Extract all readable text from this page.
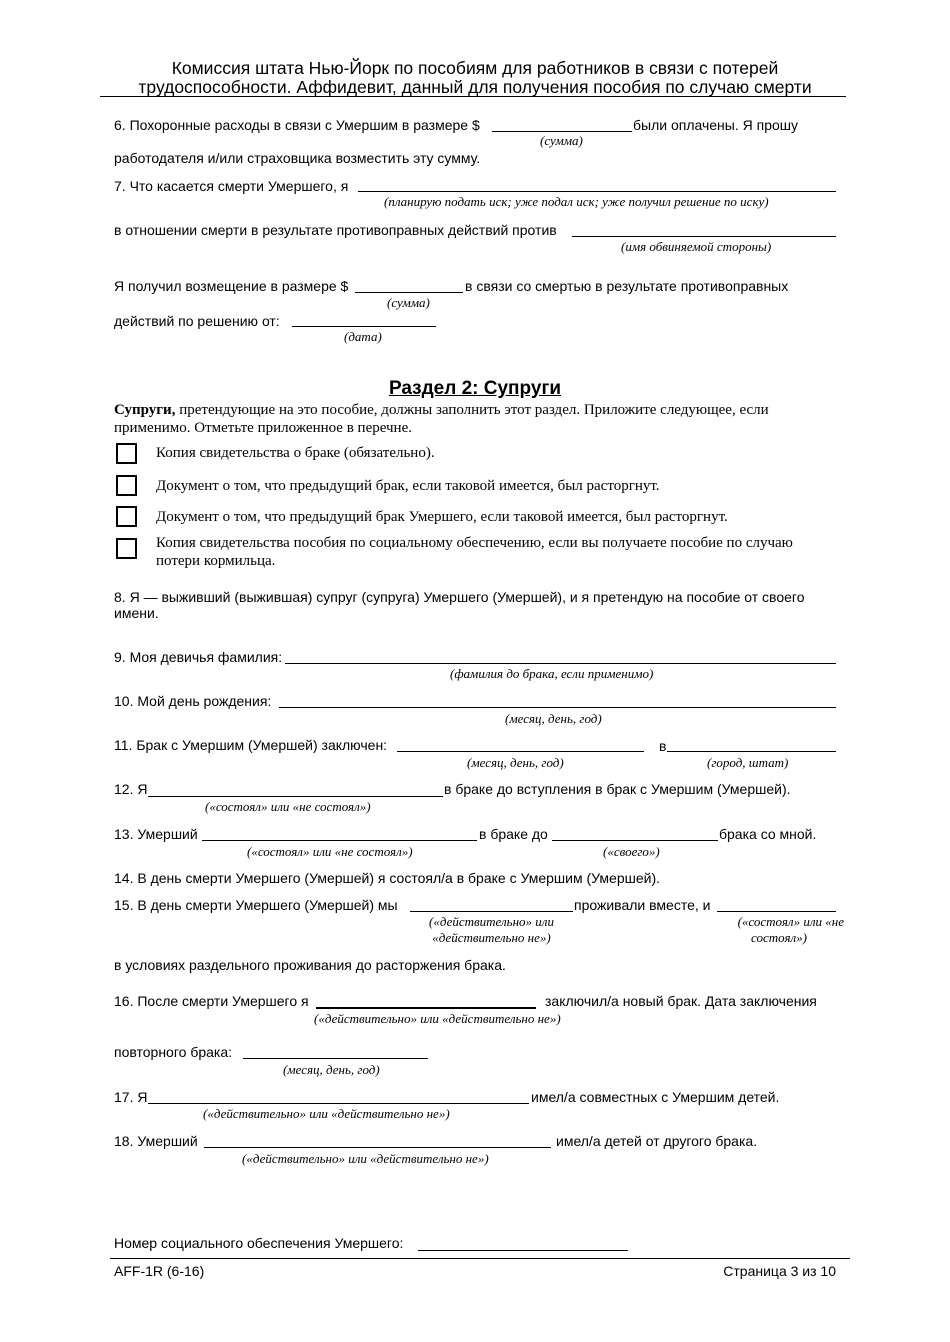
Комиссия штата Нью-Йорк по пособиям для работников в связи с потерей
трудоспособности. Аффидевит, данный для получения пособия по случаю смерти
6. Похоронные расходы в связи с Умершим в размере $	были оплачены. Я прошу
(сумма)
работодателя и/или страховщика возместить эту сумму.
7. Что касается смерти Умершего, я
(планирую подать иск; уже подал иск; уже получил решение по иску)
в отношении смерти в результате противоправных действий против
(имя обвиняемой стороны)
Я получил возмещение в размере $	в связи со смертью в результате противоправных
(сумма)
действий по решению от:
(дата)
Раздел 2: Супруги
Супруги, претендующие на это пособие, должны заполнить этот раздел. Приложите следующее, если
применимо. Отметьте приложенное в перечне.
Копия свидетельства о браке (обязательно).
Документ о том, что предыдущий брак, если таковой имеется, был расторгнут.
Документ о том, что предыдущий брак Умершего, если таковой имеется, был расторгнут.
Копия свидетельства пособия по социальному обеспечению, если вы получаете пособие по случаю
потери кормильца.
8. Я — выживший (выжившая) супруг (супруга) Умершего (Умершей), и я претендую на пособие от своего
имени.
9. Моя девичья фамилия:
(фамилия до брака, если применимо)
10. Мой день рождения:
(месяц, день, год)
11. Брак с Умершим (Умершей) заключен:	в
(месяц, день, год)	(город, штат)
12. Я	в браке до вступления в брак с Умершим (Умершей).
(«состоял» или «не состоял»)
13. Умерший	в браке до	брака со мной.
(«состоял» или «не состоял»)	(«своего»)
14. В день смерти Умершего (Умершей) я состоял/а в браке с Умершим (Умершей).
15. В день смерти Умершего (Умершей) мы	проживали вместе, и
(«действительно» или
«действительно не»)
(«состоял» или «не
состоял»)
в условиях раздельного проживания до расторжения брака.
16. После смерти Умершего я	заключил/а новый брак. Дата заключения
(«действительно» или «действительно не»)
повторного брака:
(месяц, день, год)
17. Я	имел/а совместных с Умершим детей.
(«действительно» или «действительно не»)
18. Умерший	имел/а детей от другого брака.
(«действительно» или «действительно не»)
Номер социального обеспечения Умершего:
AFF-1R (6-16)	Страница 3 из 10
